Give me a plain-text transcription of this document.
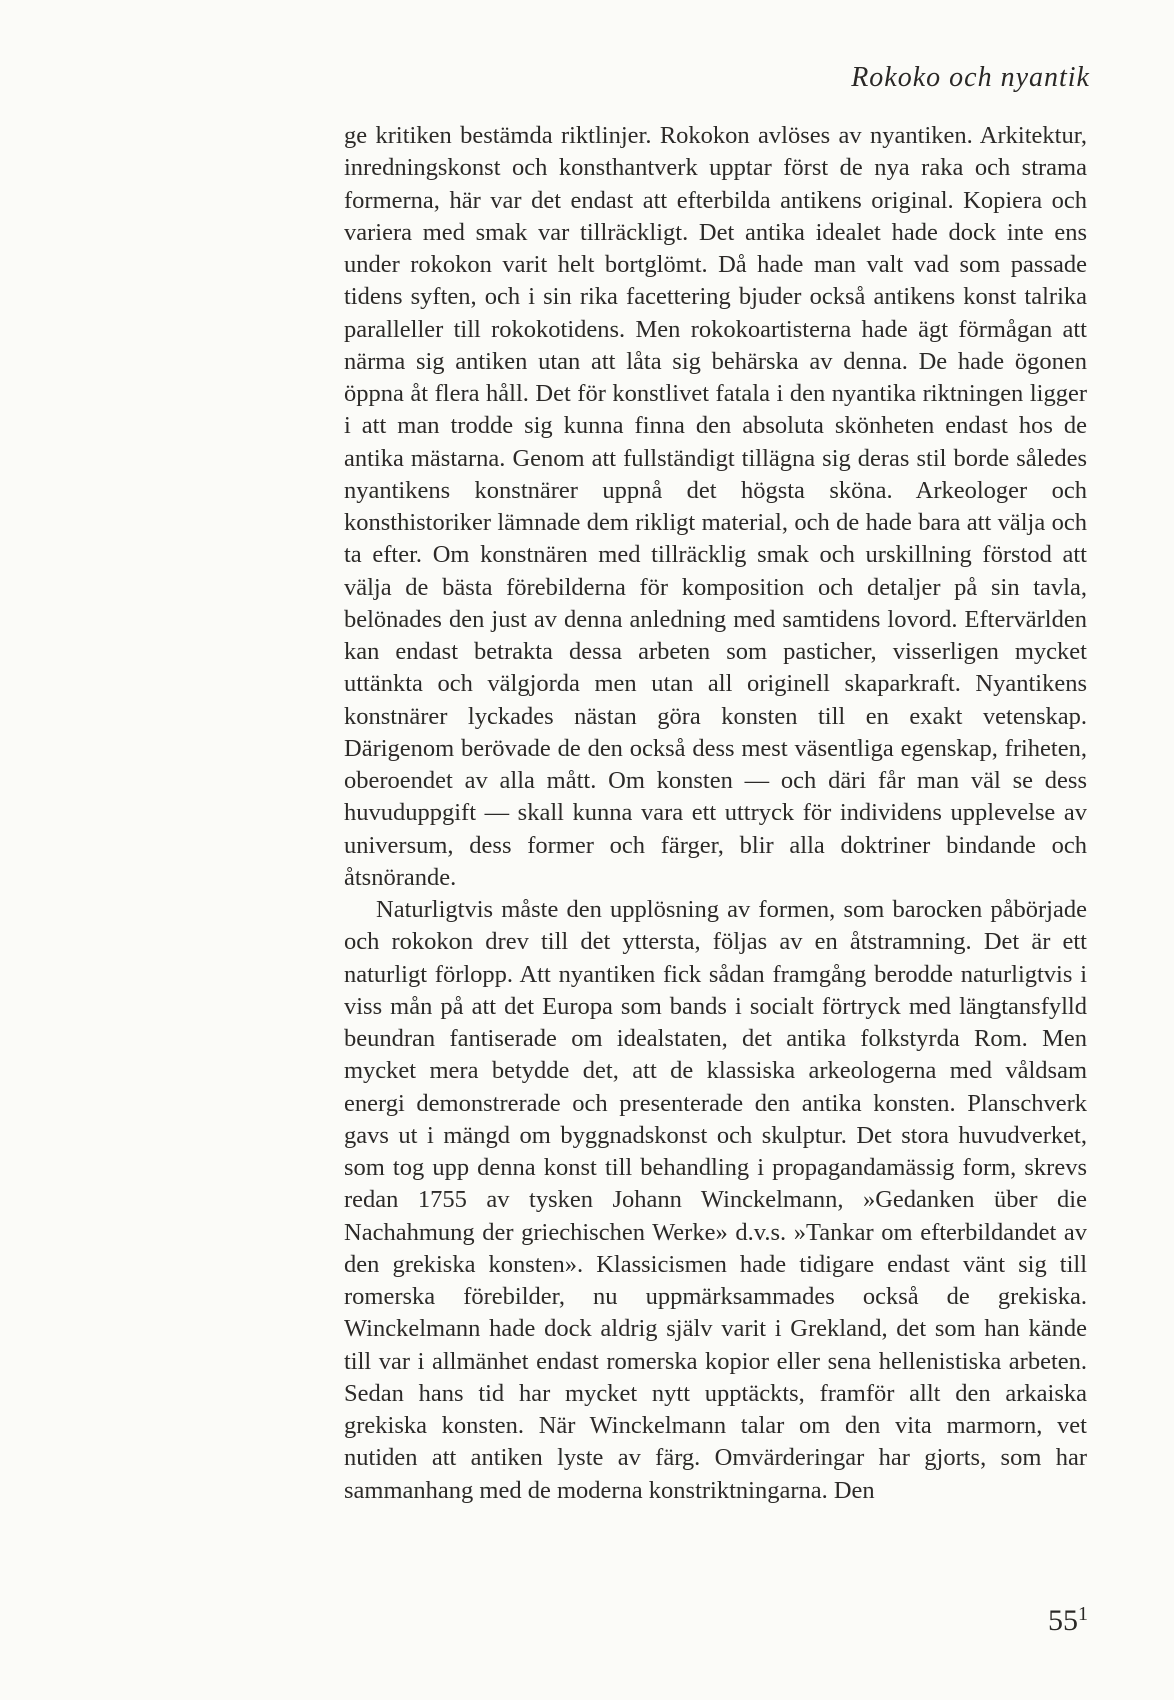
Rokoko och nyantik

ge kritiken bestämda riktlinjer. Rokokon avlöses av nyantiken. Arkitektur, inredningskonst och konsthantverk upptar först de nya raka och strama formerna, här var det endast att efterbilda antikens original. Kopiera och variera med smak var tillräckligt. Det antika idealet hade dock inte ens under rokokon varit helt bortglömt. Då hade man valt vad som passade tidens syften, och i sin rika facettering bjuder också antikens konst talrika paralleller till rokokotidens. Men rokokoartisterna hade ägt förmågan att närma sig antiken utan att låta sig behärska av denna. De hade ögonen öppna åt flera håll. Det för konstlivet fatala i den nyantika riktningen ligger i att man trodde sig kunna finna den absoluta skönheten endast hos de antika mästarna. Genom att fullständigt tillägna sig deras stil borde således nyantikens konstnärer uppnå det högsta sköna. Arkeologer och konsthistoriker lämnade dem rikligt material, och de hade bara att välja och ta efter. Om konstnären med tillräcklig smak och urskillning förstod att välja de bästa förebilderna för komposition och detaljer på sin tavla, belönades den just av denna anledning med samtidens lovord. Eftervärlden kan endast betrakta dessa arbeten som pasticher, visserligen mycket uttänkta och välgjorda men utan all originell skaparkraft. Nyantikens konstnärer lyckades nästan göra konsten till en exakt vetenskap. Därigenom berövade de den också dess mest väsentliga egenskap, friheten, oberoendet av alla mått. Om konsten — och däri får man väl se dess huvuduppgift — skall kunna vara ett uttryck för individens upplevelse av universum, dess former och färger, blir alla doktriner bindande och åtsnörande.

Naturligtvis måste den upplösning av formen, som barocken påbörjade och rokokon drev till det yttersta, följas av en åtstramning. Det är ett naturligt förlopp. Att nyantiken fick sådan framgång berodde naturligtvis i viss mån på att det Europa som bands i socialt förtryck med längtansfylld beundran fantiserade om idealstaten, det antika folkstyrda Rom. Men mycket mera betydde det, att de klassiska arkeologerna med våldsam energi demonstrerade och presenterade den antika konsten. Planschverk gavs ut i mängd om byggnadskonst och skulptur. Det stora huvudverket, som tog upp denna konst till behandling i propagandamässig form, skrevs redan 1755 av tysken Johann Winckelmann, »Gedanken über die Nachahmung der griechischen Werke» d.v.s. »Tankar om efterbildandet av den grekiska konsten». Klassicismen hade tidigare endast vänt sig till romerska förebilder, nu uppmärksammades också de grekiska. Winckelmann hade dock aldrig själv varit i Grekland, det som han kände till var i allmänhet endast romerska kopior eller sena hellenistiska arbeten. Sedan hans tid har mycket nytt upptäckts, framför allt den arkaiska grekiska konsten. När Winckelmann talar om den vita marmorn, vet nutiden att antiken lyste av färg. Omvärderingar har gjorts, som har sammanhang med de moderna konstriktningarna. Den

$55^1$
